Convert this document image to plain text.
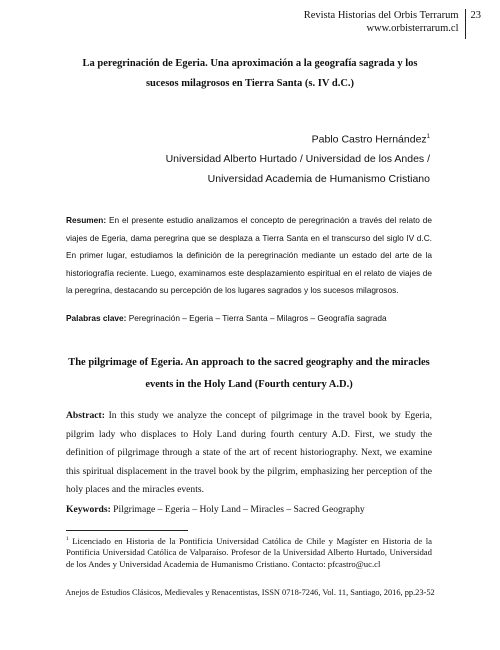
Revista Historias del Orbis Terrarum
www.orbisterrarum.cl
23
La peregrinación de Egeria. Una aproximación a la geografía sagrada y los
sucesos milagrosos en Tierra Santa (s. IV d.C.)
Pablo Castro Hernández$^1$
Universidad Alberto Hurtado / Universidad de los Andes /
Universidad Academia de Humanismo Cristiano
Resumen: En el presente estudio analizamos el concepto de peregrinación a través del relato de viajes de Egeria, dama peregrina que se desplaza a Tierra Santa en el transcurso del siglo IV d.C. En primer lugar, estudiamos la definición de la peregrinación mediante un estado del arte de la historiografía reciente. Luego, examinamos este desplazamiento espiritual en el relato de viajes de la peregrina, destacando su percepción de los lugares sagrados y los sucesos milagrosos.
Palabras clave: Peregrinación – Egeria – Tierra Santa – Milagros – Geografía sagrada
The pilgrimage of Egeria. An approach to the sacred geography and the miracles
events in the Holy Land (Fourth century A.D.)
Abstract: In this study we analyze the concept of pilgrimage in the travel book by Egeria, pilgrim lady who displaces to Holy Land during fourth century A.D. First, we study the definition of pilgrimage through a state of the art of recent historiography. Next, we examine this spiritual displacement in the travel book by the pilgrim, emphasizing her perception of the holy places and the miracles events.
Keywords: Pilgrimage – Egeria – Holy Land – Miracles – Sacred Geography
$^1$ Licenciado en Historia de la Pontificia Universidad Católica de Chile y Magíster en Historia de la Pontificia Universidad Católica de Valparaíso. Profesor de la Universidad Alberto Hurtado, Universidad de los Andes y Universidad Academia de Humanismo Cristiano. Contacto: pfcastro@uc.cl
Anejos de Estudios Clásicos, Medievales y Renacentistas, ISSN 0718-7246, Vol. 11, Santiago, 2016, pp.23-52
